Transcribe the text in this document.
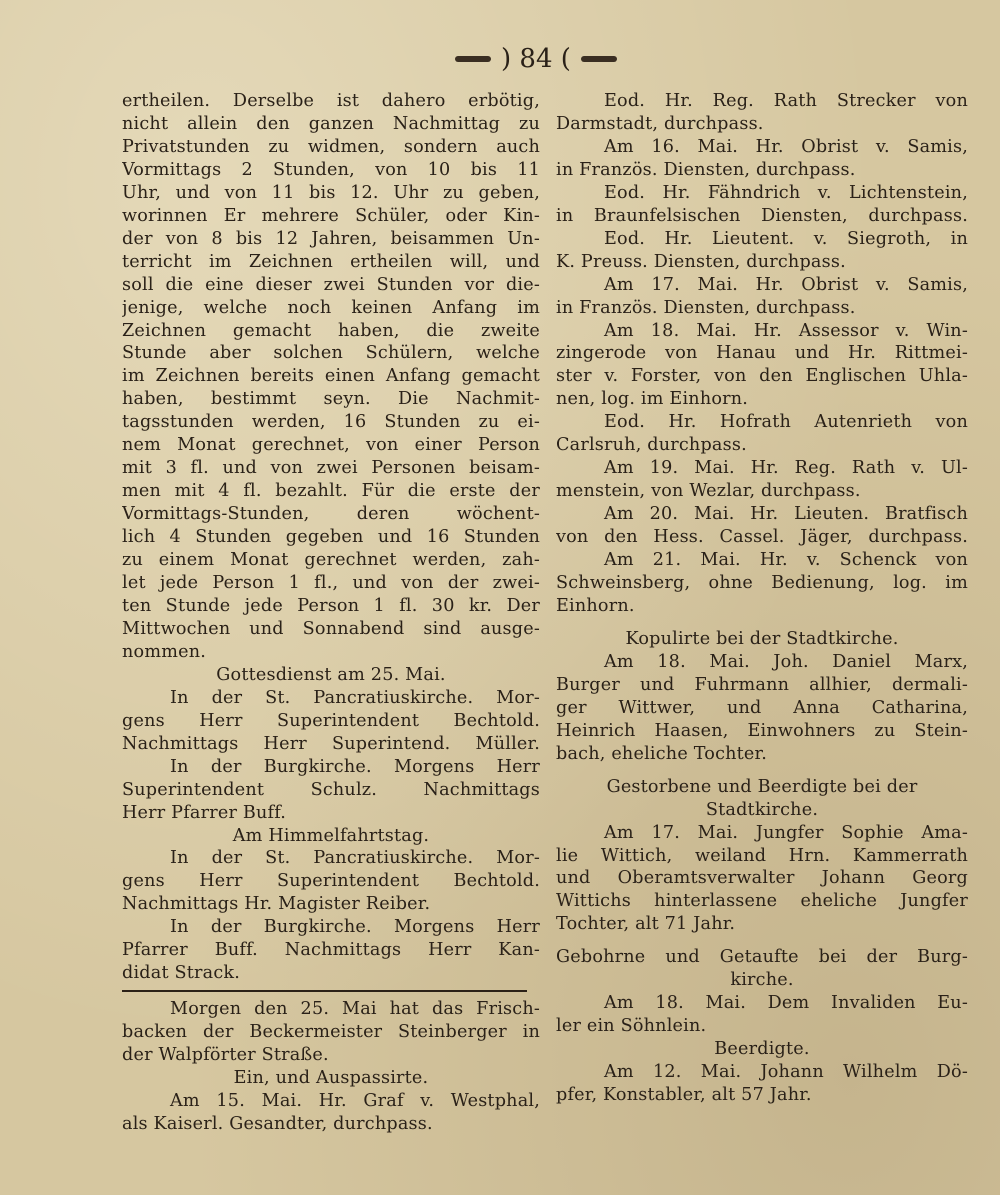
) 84 (
ertheilen. Derselbe ist dahero erbötig,
nicht allein den ganzen Nachmittag zu
Privatstunden zu widmen, sondern auch
Vormittags 2 Stunden, von 10 bis 11
Uhr, und von 11 bis 12. Uhr zu geben,
worinnen Er mehrere Schüler, oder Kin-
der von 8 bis 12 Jahren, beisammen Un-
terricht im Zeichnen ertheilen will, und
soll die eine dieser zwei Stunden vor die-
jenige, welche noch keinen Anfang im
Zeichnen gemacht haben, die zweite
Stunde aber solchen Schülern, welche
im Zeichnen bereits einen Anfang gemacht
haben, bestimmt seyn. Die Nachmit-
tagsstunden werden, 16 Stunden zu ei-
nem Monat gerechnet, von einer Person
mit 3 fl. und von zwei Personen beisam-
men mit 4 fl. bezahlt. Für die erste der
Vormittags-Stunden, deren wöchent-
lich 4 Stunden gegeben und 16 Stunden
zu einem Monat gerechnet werden, zah-
let jede Person 1 fl., und von der zwei-
ten Stunde jede Person 1 fl. 30 kr. Der
Mittwochen und Sonnabend sind ausge-
nommen.
Gottesdienst am 25. Mai.
In der St. Pancratiuskirche. Mor-
gens Herr Superintendent Bechtold.
Nachmittags Herr Superintend. Müller.
In der Burgkirche. Morgens Herr
Superintendent Schulz. Nachmittags
Herr Pfarrer Buff.
Am Himmelfahrtstag.
In der St. Pancratiuskirche. Mor-
gens Herr Superintendent Bechtold.
Nachmittags Hr. Magister Reiber.
In der Burgkirche. Morgens Herr
Pfarrer Buff. Nachmittags Herr Kan-
didat Strack.
Morgen den 25. Mai hat das Frisch-
backen der Beckermeister Steinberger in
der Walpförter Straße.
Ein, und Auspassirte.
Am 15. Mai. Hr. Graf v. Westphal,
als Kaiserl. Gesandter, durchpass.
Eod. Hr. Reg. Rath Strecker von
Darmstadt, durchpass.
Am 16. Mai. Hr. Obrist v. Samis,
in Französ. Diensten, durchpass.
Eod. Hr. Fähndrich v. Lichtenstein,
in Braunfelsischen Diensten, durchpass.
Eod. Hr. Lieutent. v. Siegroth, in
K. Preuss. Diensten, durchpass.
Am 17. Mai. Hr. Obrist v. Samis,
in Französ. Diensten, durchpass.
Am 18. Mai. Hr. Assessor v. Win-
zingerode von Hanau und Hr. Rittmei-
ster v. Forster, von den Englischen Uhla-
nen, log. im Einhorn.
Eod. Hr. Hofrath Autenrieth von
Carlsruh, durchpass.
Am 19. Mai. Hr. Reg. Rath v. Ul-
menstein, von Wezlar, durchpass.
Am 20. Mai. Hr. Lieuten. Bratfisch
von den Hess. Cassel. Jäger, durchpass.
Am 21. Mai. Hr. v. Schenck von
Schweinsberg, ohne Bedienung, log. im
Einhorn.
Kopulirte bei der Stadtkirche.
Am 18. Mai. Joh. Daniel Marx,
Burger und Fuhrmann allhier, dermali-
ger Wittwer, und Anna Catharina,
Heinrich Haasen, Einwohners zu Stein-
bach, eheliche Tochter.
Gestorbene und Beerdigte bei der
Stadtkirche.
Am 17. Mai. Jungfer Sophie Ama-
lie Wittich, weiland Hrn. Kammerrath
und Oberamtsverwalter Johann Georg
Wittichs hinterlassene eheliche Jungfer
Tochter, alt 71 Jahr.
Gebohrne und Getaufte bei der Burg-
kirche.
Am 18. Mai. Dem Invaliden Eu-
ler ein Söhnlein.
Beerdigte.
Am 12. Mai. Johann Wilhelm Dö-
pfer, Konstabler, alt 57 Jahr.
